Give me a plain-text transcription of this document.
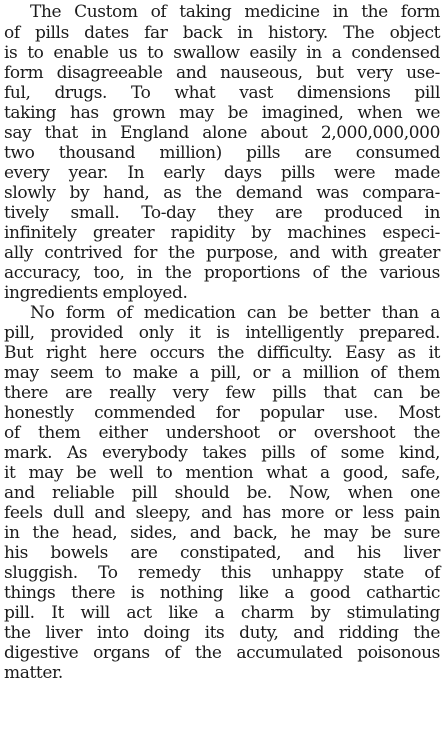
The Custom of taking medicine in the form
of pills dates far back in history. The object
is to enable us to swallow easily in a condensed
form disagreeable and nauseous, but very use-
ful, drugs. To what vast dimensions pill
taking has grown may be imagined, when we
say that in England alone about 2,000,000,000
two thousand million) pills are consumed
every year. In early days pills were made
slowly by hand, as the demand was compara-
tively small. To-day they are produced in
infinitely greater rapidity by machines especi-
ally contrived for the purpose, and with greater
accuracy, too, in the proportions of the various
ingredients employed.
No form of medication can be better than a
pill, provided only it is intelligently prepared.
But right here occurs the difficulty. Easy as it
may seem to make a pill, or a million of them
there are really very few pills that can be
honestly commended for popular use. Most
of them either undershoot or overshoot the
mark. As everybody takes pills of some kind,
it may be well to mention what a good, safe,
and reliable pill should be. Now, when one
feels dull and sleepy, and has more or less pain
in the head, sides, and back, he may be sure
his bowels are constipated, and his liver
sluggish. To remedy this unhappy state of
things there is nothing like a good cathartic
pill. It will act like a charm by stimulating
the liver into doing its duty, and ridding the
digestive organs of the accumulated poisonous
matter.
